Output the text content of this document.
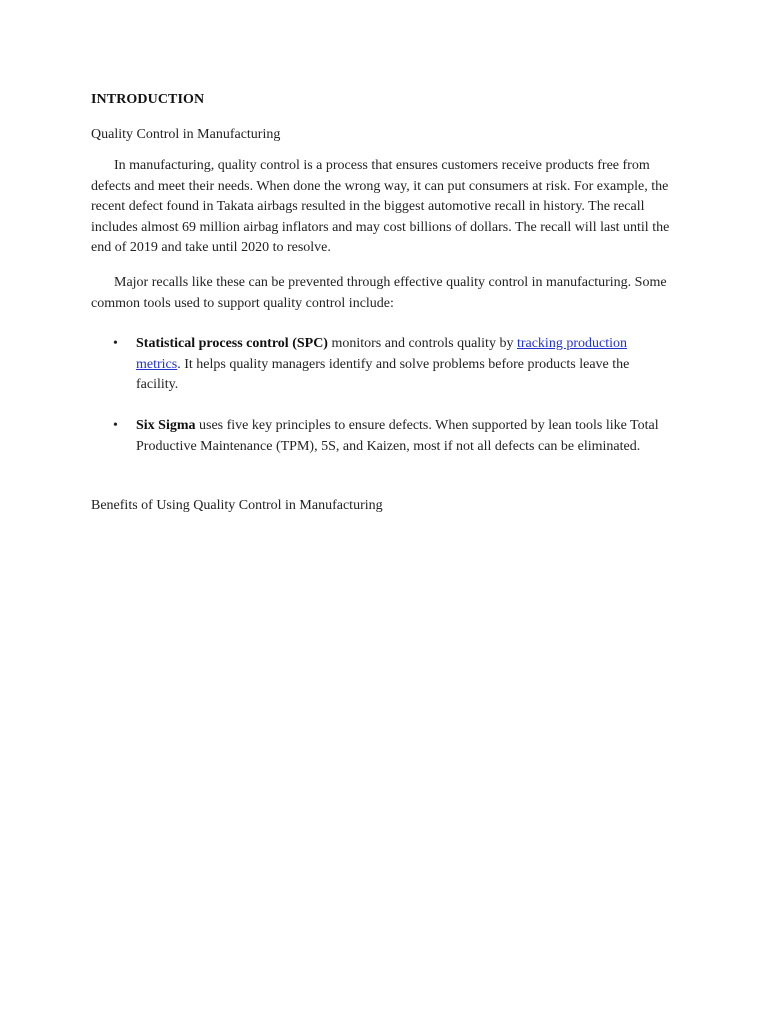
INTRODUCTION
Quality Control in Manufacturing

In manufacturing, quality control is a process that ensures customers receive products free from defects and meet their needs. When done the wrong way, it can put consumers at risk. For example, the recent defect found in Takata airbags resulted in the biggest automotive recall in history. The recall includes almost 69 million airbag inflators and may cost billions of dollars. The recall will last until the end of 2019 and take until 2020 to resolve.

Major recalls like these can be prevented through effective quality control in manufacturing. Some common tools used to support quality control include:

• Statistical process control (SPC) monitors and controls quality by tracking production metrics. It helps quality managers identify and solve problems before products leave the facility.
• Six Sigma uses five key principles to ensure defects. When supported by lean tools like Total Productive Maintenance (TPM), 5S, and Kaizen, most if not all defects can be eliminated.
Benefits of Using Quality Control in Manufacturing
